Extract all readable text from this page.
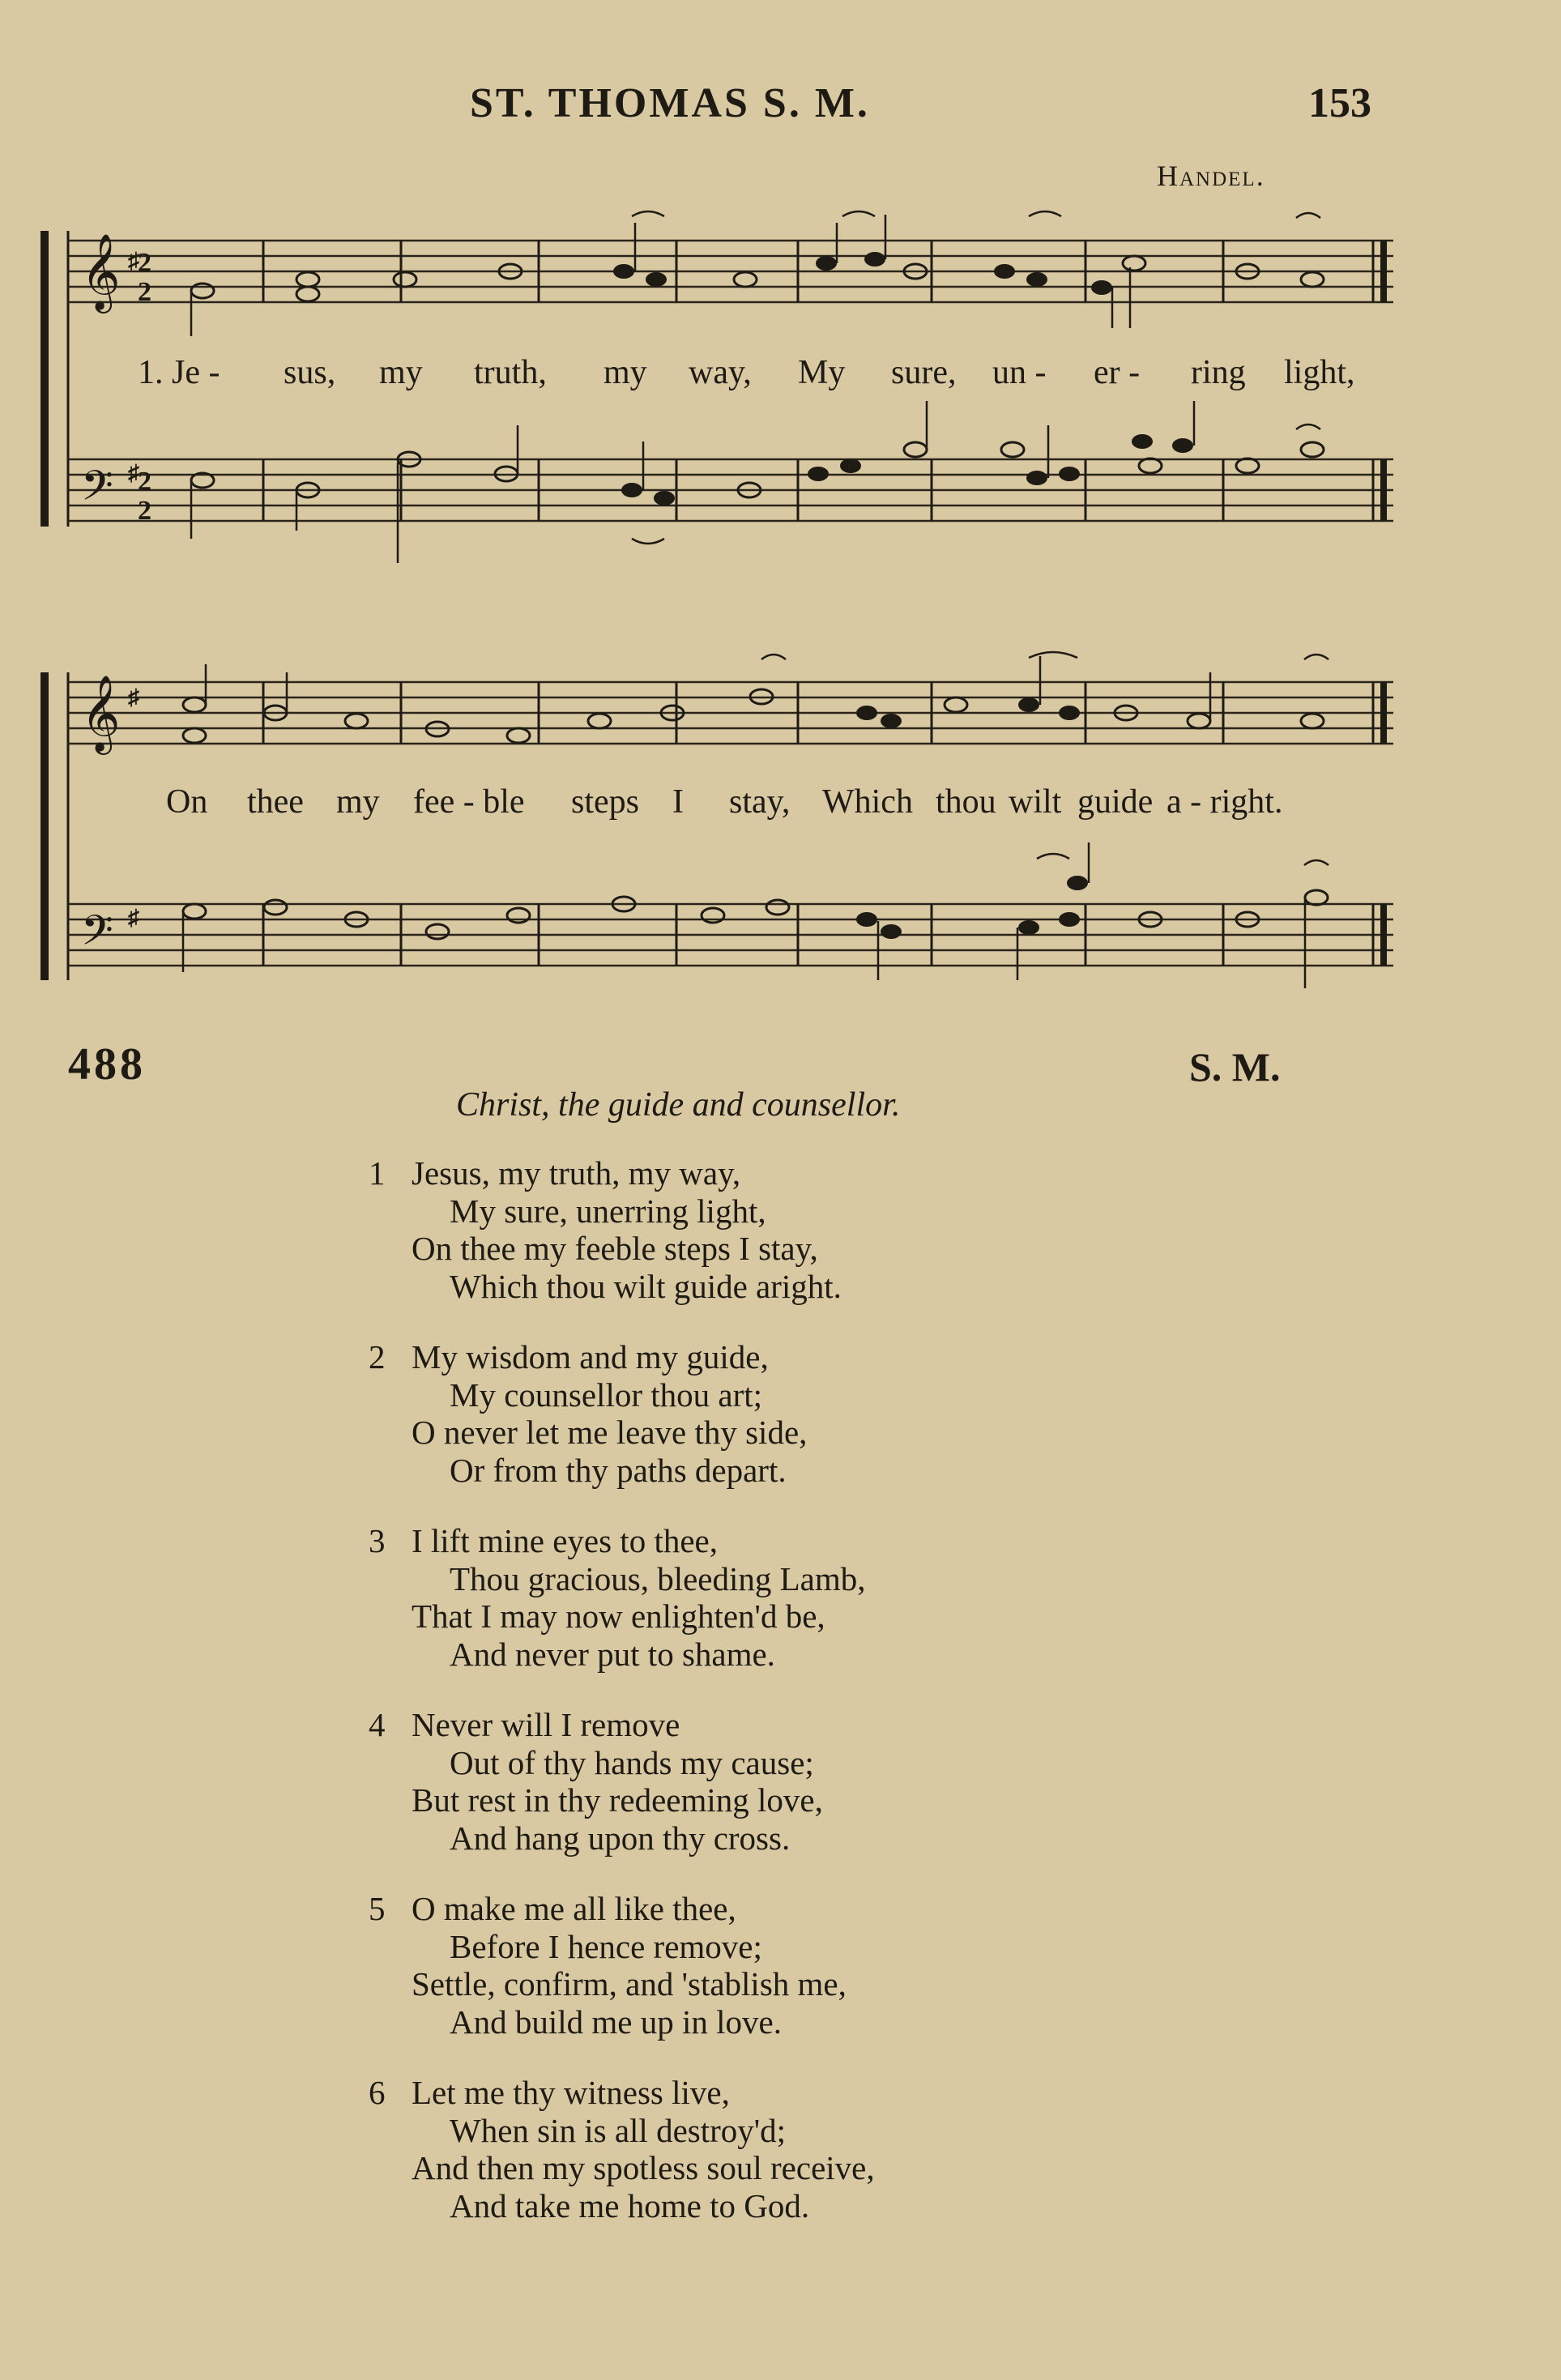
ST. THOMAS S. M.	153
Handel.
𝄞
𝄢
♯
♯
2
2
2
2
1. Je - sus, my truth, my way, My sure, un - er - ring light,
𝄞
𝄢
♯
♯
On thee my fee - ble steps I stay, Which thou wilt guide a - right.
488	S. M.
Christ, the guide and counsellor.
1 Jesus, my truth, my way,
My sure, unerring light,
On thee my feeble steps I stay,
Which thou wilt guide aright.
2 My wisdom and my guide,
My counsellor thou art;
O never let me leave thy side,
Or from thy paths depart.
3 I lift mine eyes to thee,
Thou gracious, bleeding Lamb,
That I may now enlighten'd be,
And never put to shame.
4 Never will I remove
Out of thy hands my cause;
But rest in thy redeeming love,
And hang upon thy cross.
5 O make me all like thee,
Before I hence remove;
Settle, confirm, and 'stablish me,
And build me up in love.
6 Let me thy witness live,
When sin is all destroy'd;
And then my spotless soul receive,
And take me home to God.
